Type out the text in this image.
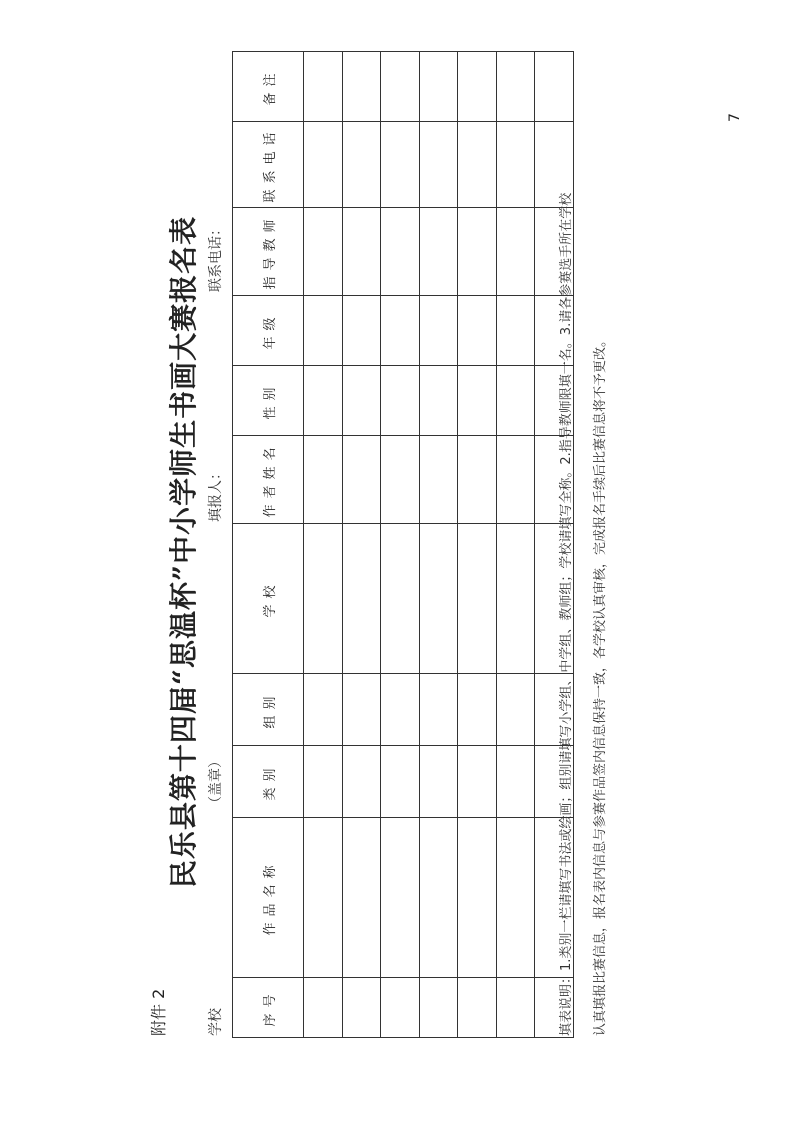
附件 2
民乐县第十四届“思温杯”中小学师生书画大赛报名表
学校
（盖章）
填报人：
联系电话：
序号	作品名称	类别	组别	学校	作者姓名	性别	年级	指导教师	联系电话	备注

填表说明：1.类别一栏请填写书法或绘画；组别请填写小学组、中学组、教师组；学校请填写全称。2.指导教师限填一名。3.请各参赛选手所在学校	认真填报比赛信息，报名表内信息与参赛作品签内信息保持一致，各学校认真审核，完成报名手续后比赛信息将不予更改。
7
